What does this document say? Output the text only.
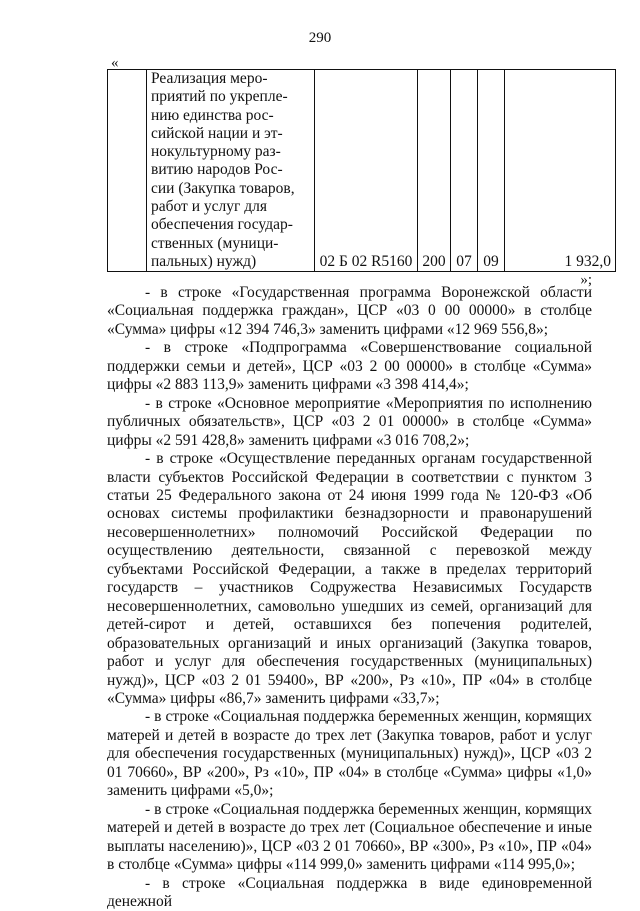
290
«

Реализация меро-
приятий по укрепле-
нию единства рос-
сийской нации и эт-
нокультурному раз-
витию народов Рос-
сии (Закупка товаров,
работ и услуг для
обеспечения государ-
ственных (муници-
пальных) нужд)	02 Б 02 R5160	200	07	09	1 932,0
»;

- в строке «Государственная программа Воронежской области «Социальная поддержка граждан», ЦСР «03 0 00 00000» в столбце «Сумма» цифры «12 394 746,3» заменить цифрами «12 969 556,8»;

- в строке «Подпрограмма «Совершенствование социальной поддержки семьи и детей», ЦСР «03 2 00 00000» в столбце «Сумма» цифры «2 883 113,9» заменить цифрами «3 398 414,4»;

- в строке «Основное мероприятие «Мероприятия по исполнению публичных обязательств», ЦСР «03 2 01 00000» в столбце «Сумма» цифры «2 591 428,8» заменить цифрами «3 016 708,2»;

- в строке «Осуществление переданных органам государственной власти субъектов Российской Федерации в соответствии с пунктом 3 статьи 25 Федерального закона от 24 июня 1999 года № 120-ФЗ «Об основах системы профилактики безнадзорности и правонарушений несовершеннолетних» полномочий Российской Федерации по осуществлению деятельности, связанной с перевозкой между субъектами Российской Федерации, а также в пределах территорий государств – участников Содружества Независимых Государств несовершеннолетних, самовольно ушедших из семей, организаций для детей-сирот и детей, оставшихся без попечения родителей, образовательных организаций и иных организаций (Закупка товаров, работ и услуг для обеспечения государственных (муниципальных) нужд)», ЦСР «03 2 01 59400», ВР «200», Рз «10», ПР «04» в столбце «Сумма» цифры «86,7» заменить цифрами «33,7»;

- в строке «Социальная поддержка беременных женщин, кормящих матерей и детей в возрасте до трех лет (Закупка товаров, работ и услуг для обеспечения государственных (муниципальных) нужд)», ЦСР «03 2 01 70660», ВР «200», Рз «10», ПР «04» в столбце «Сумма» цифры «1,0» заменить цифрами «5,0»;

- в строке «Социальная поддержка беременных женщин, кормящих матерей и детей в возрасте до трех лет (Социальное обеспечение и иные выплаты населению)», ЦСР «03 2 01 70660», ВР «300», Рз «10», ПР «04» в столбце «Сумма» цифры «114 999,0» заменить цифрами «114 995,0»;

- в строке «Социальная поддержка в виде единовременной денежной
